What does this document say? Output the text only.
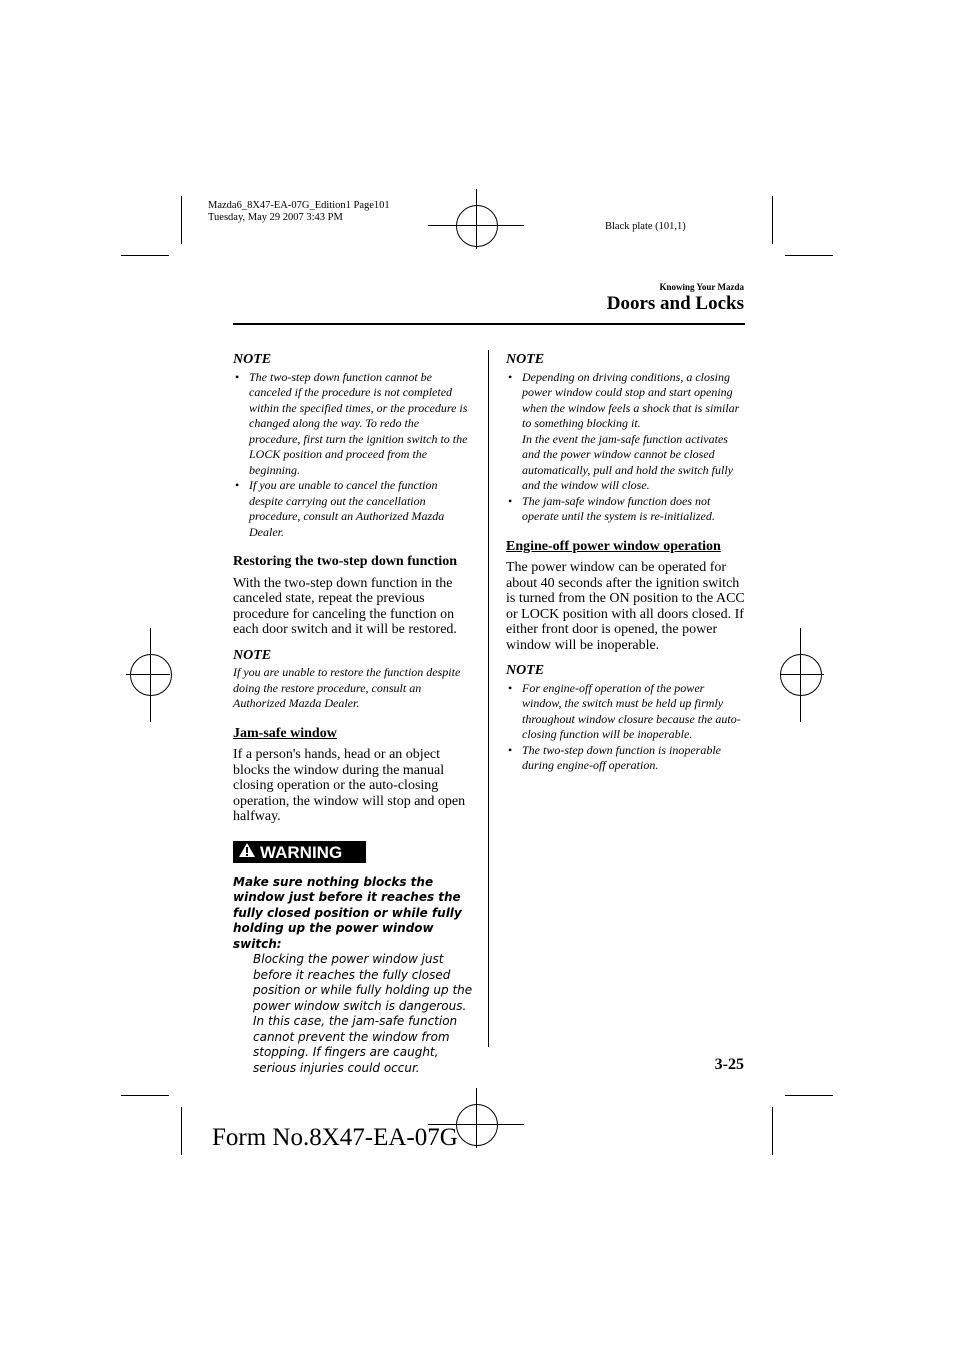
Mazda6_8X47-EA-07G_Edition1 Page101
Tuesday, May 29 2007 3:43 PM
Black plate (101,1)
Knowing Your Mazda
Doors and Locks
NOTE
• The two-step down function cannot be canceled if the procedure is not completed within the specified times, or the procedure is changed along the way. To redo the procedure, first turn the ignition switch to the LOCK position and proceed from the beginning.
• If you are unable to cancel the function despite carrying out the cancellation procedure, consult an Authorized Mazda Dealer.
Restoring the two-step down function
With the two-step down function in the canceled state, repeat the previous procedure for canceling the function on each door switch and it will be restored.
NOTE
If you are unable to restore the function despite doing the restore procedure, consult an Authorized Mazda Dealer.
Jam-safe window
If a person's hands, head or an object blocks the window during the manual closing operation or the auto-closing operation, the window will stop and open halfway.
WARNING
Make sure nothing blocks the window just before it reaches the fully closed position or while fully holding up the power window switch:
Blocking the power window just before it reaches the fully closed position or while fully holding up the power window switch is dangerous. In this case, the jam-safe function cannot prevent the window from stopping. If fingers are caught, serious injuries could occur.
NOTE
• Depending on driving conditions, a closing power window could stop and start opening when the window feels a shock that is similar to something blocking it.
In the event the jam-safe function activates and the power window cannot be closed automatically, pull and hold the switch fully and the window will close.
• The jam-safe window function does not operate until the system is re-initialized.
Engine-off power window operation
The power window can be operated for about 40 seconds after the ignition switch is turned from the ON position to the ACC or LOCK position with all doors closed. If either front door is opened, the power window will be inoperable.
NOTE
• For engine-off operation of the power window, the switch must be held up firmly throughout window closure because the auto-closing function will be inoperable.
• The two-step down function is inoperable during engine-off operation.
3-25
Form No.8X47-EA-07G
